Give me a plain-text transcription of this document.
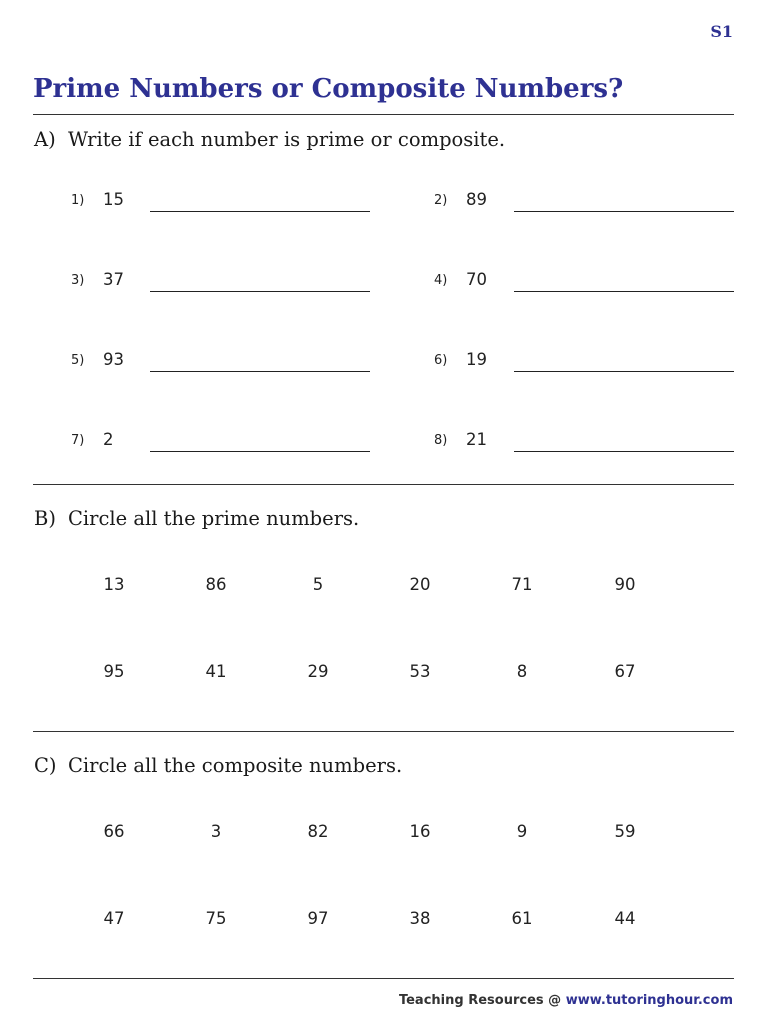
S1
Prime Numbers or Composite Numbers?
A) Write if each number is prime or composite.
1) 15	2) 89
3) 37	4) 70
5) 93	6) 19
7) 2	8) 21
B) Circle all the prime numbers.
13	86	5	20	71	90
95	41	29	53	8	67
C) Circle all the composite numbers.
66	3	82	16	9	59
47	75	97	38	61	44
Teaching Resources @ www.tutoringhour.com
